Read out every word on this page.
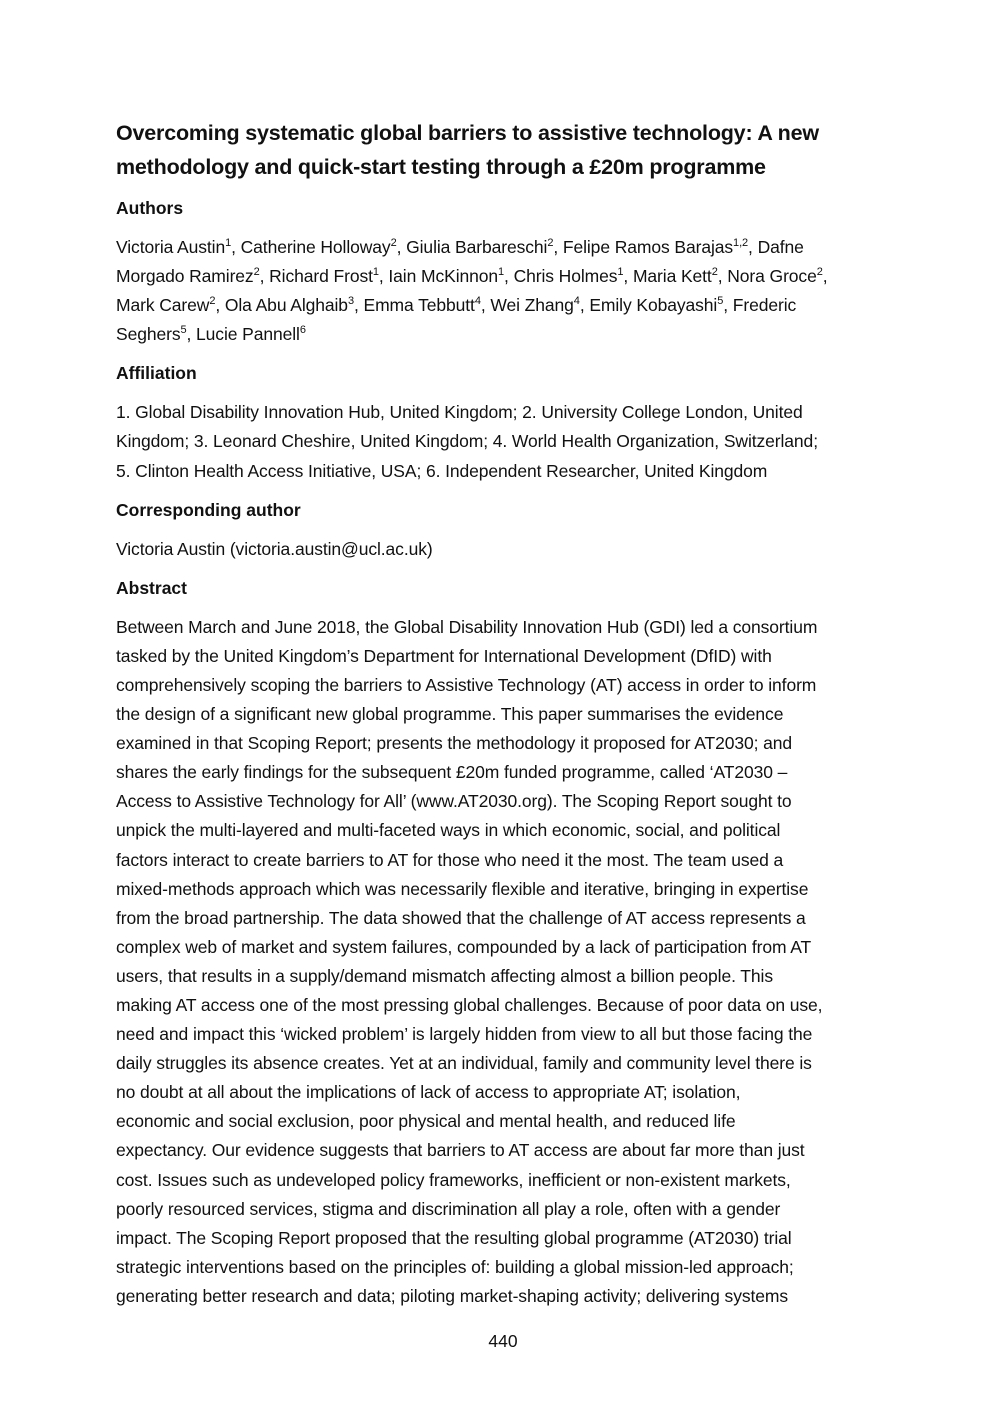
Overcoming systematic global barriers to assistive technology: A new
methodology and quick-start testing through a £20m programme
Authors
Victoria Austin$^1$, Catherine Holloway$^2$, Giulia Barbareschi$^2$, Felipe Ramos Barajas$^{1,2}$, Dafne
Morgado Ramirez$^2$, Richard Frost$^1$, Iain McKinnon$^1$, Chris Holmes$^1$, Maria Kett$^2$, Nora Groce$^2$,
Mark Carew$^2$, Ola Abu Alghaib$^3$, Emma Tebbutt$^4$, Wei Zhang$^4$, Emily Kobayashi$^5$, Frederic
Seghers$^5$, Lucie Pannell$^6$
Affiliation
1. Global Disability Innovation Hub, United Kingdom; 2. University College London, United
Kingdom; 3. Leonard Cheshire, United Kingdom; 4. World Health Organization, Switzerland;
5. Clinton Health Access Initiative, USA; 6. Independent Researcher, United Kingdom
Corresponding author
Victoria Austin (victoria.austin@ucl.ac.uk)
Abstract
Between March and June 2018, the Global Disability Innovation Hub (GDI) led a consortium
tasked by the United Kingdom’s Department for International Development (DfID) with
comprehensively scoping the barriers to Assistive Technology (AT) access in order to inform
the design of a significant new global programme. This paper summarises the evidence
examined in that Scoping Report; presents the methodology it proposed for AT2030; and
shares the early findings for the subsequent £20m funded programme, called ‘AT2030 –
Access to Assistive Technology for All’ (www.AT2030.org). The Scoping Report sought to
unpick the multi-layered and multi-faceted ways in which economic, social, and political
factors interact to create barriers to AT for those who need it the most. The team used a
mixed-methods approach which was necessarily flexible and iterative, bringing in expertise
from the broad partnership. The data showed that the challenge of AT access represents a
complex web of market and system failures, compounded by a lack of participation from AT
users, that results in a supply/demand mismatch affecting almost a billion people. This
making AT access one of the most pressing global challenges. Because of poor data on use,
need and impact this ‘wicked problem’ is largely hidden from view to all but those facing the
daily struggles its absence creates. Yet at an individual, family and community level there is
no doubt at all about the implications of lack of access to appropriate AT; isolation,
economic and social exclusion, poor physical and mental health, and reduced life
expectancy. Our evidence suggests that barriers to AT access are about far more than just
cost. Issues such as undeveloped policy frameworks, inefficient or non-existent markets,
poorly resourced services, stigma and discrimination all play a role, often with a gender
impact. The Scoping Report proposed that the resulting global programme (AT2030) trial
strategic interventions based on the principles of: building a global mission-led approach;
generating better research and data; piloting market-shaping activity; delivering systems
440
